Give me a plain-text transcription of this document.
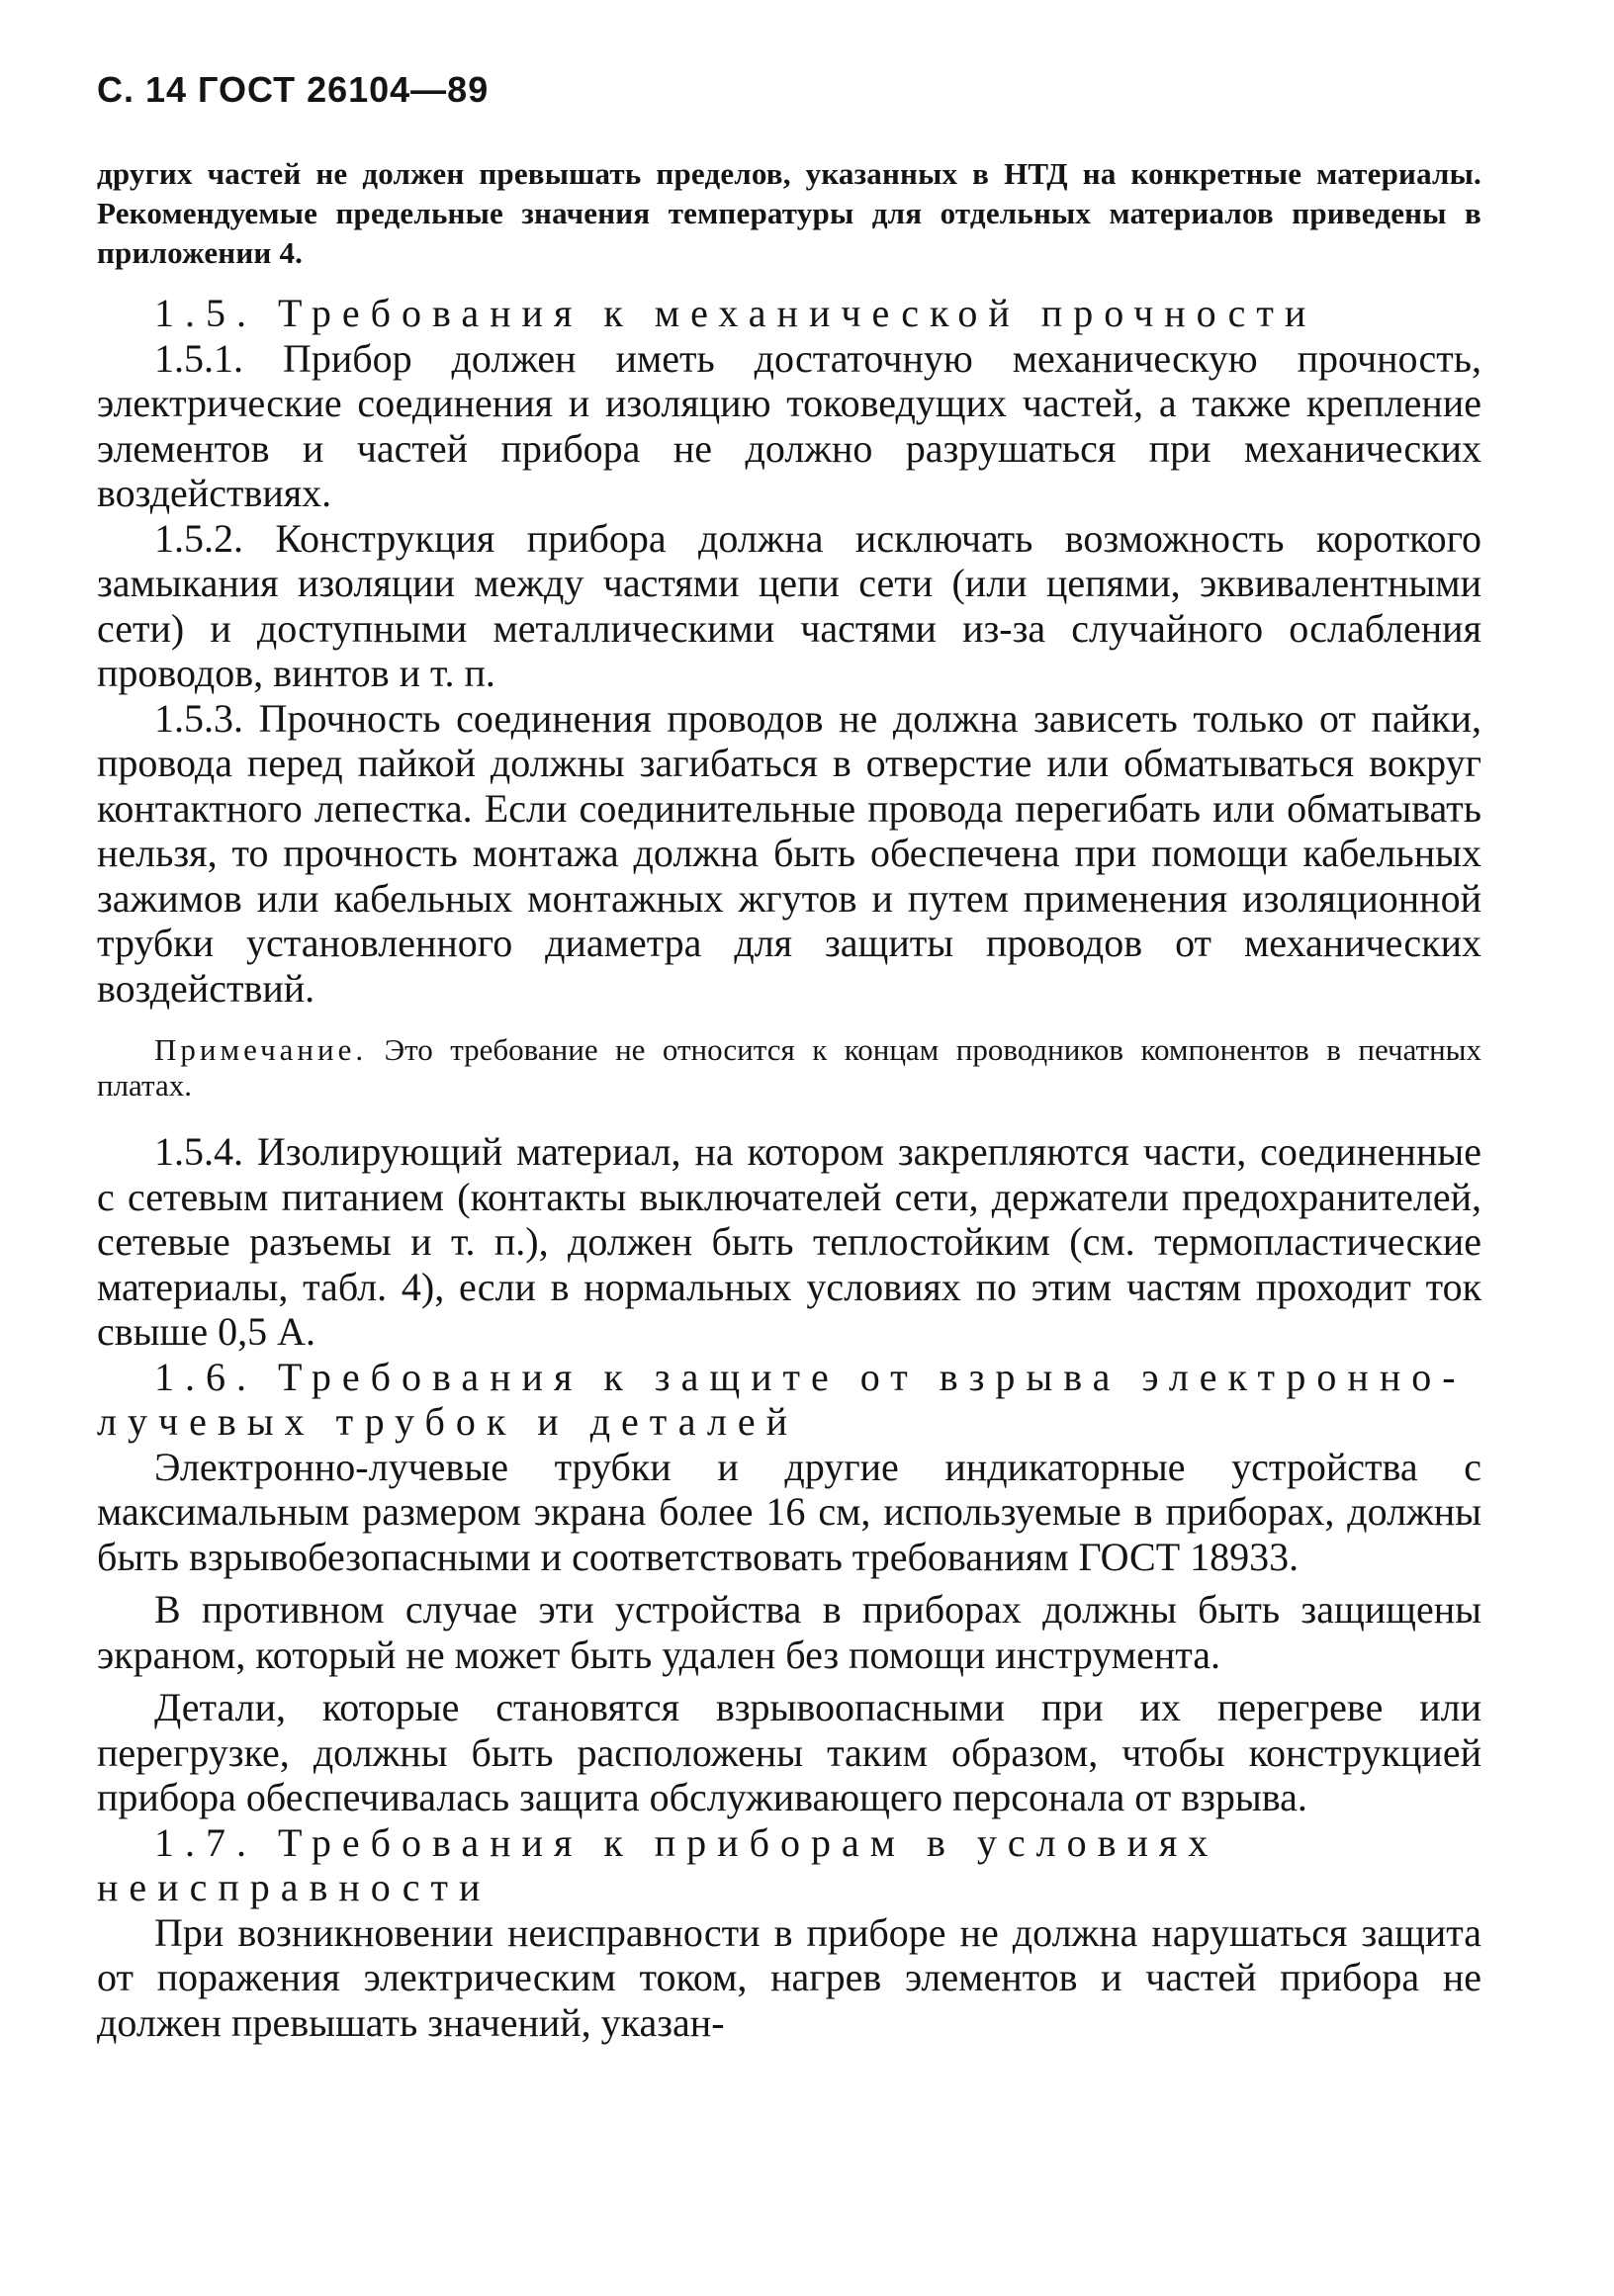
С. 14 ГОСТ 26104—89

других частей не должен превышать пределов, указанных в НТД на конкретные материалы. Рекомендуемые предельные значения температуры для отдельных материалов приведены в приложении 4.

1.5. Требования к механической прочности

1.5.1. Прибор должен иметь достаточную механическую прочность, электрические соединения и изоляцию токоведущих частей, а также крепление элементов и частей прибора не должно разрушаться при механических воздействиях.

1.5.2. Конструкция прибора должна исключать возможность короткого замыкания изоляции между частями цепи сети (или цепями, эквивалентными сети) и доступными металлическими частями из-за случайного ослабления проводов, винтов и т. п.

1.5.3. Прочность соединения проводов не должна зависеть только от пайки, провода перед пайкой должны загибаться в отверстие или обматываться вокруг контактного лепестка. Если соединительные провода перегибать или обматывать нельзя, то прочность монтажа должна быть обеспечена при помощи кабельных зажимов или кабельных монтажных жгутов и путем применения изоляционной трубки установленного диаметра для защиты проводов от механических воздействий.

Примечание. Это требование не относится к концам проводников компонентов в печатных платах.

1.5.4. Изолирующий материал, на котором закрепляются части, соединенные с сетевым питанием (контакты выключателей сети, держатели предохранителей, сетевые разъемы и т. п.), должен быть теплостойким (см. термопластические материалы, табл. 4), если в нормальных условиях по этим частям проходит ток свыше 0,5 А.

1.6. Требования к защите от взрыва электронно-лучевых трубок и деталей

Электронно-лучевые трубки и другие индикаторные устройства с максимальным размером экрана более 16 см, используемые в приборах, должны быть взрывобезопасными и соответствовать требованиям ГОСТ 18933.

В противном случае эти устройства в приборах должны быть защищены экраном, который не может быть удален без помощи инструмента.

Детали, которые становятся взрывоопасными при их перегреве или перегрузке, должны быть расположены таким образом, чтобы конструкцией прибора обеспечивалась защита обслуживающего персонала от взрыва.

1.7. Требования к приборам в условиях неисправности

При возникновении неисправности в приборе не должна нарушаться защита от поражения электрическим током, нагрев элементов и частей прибора не должен превышать значений, указан-
